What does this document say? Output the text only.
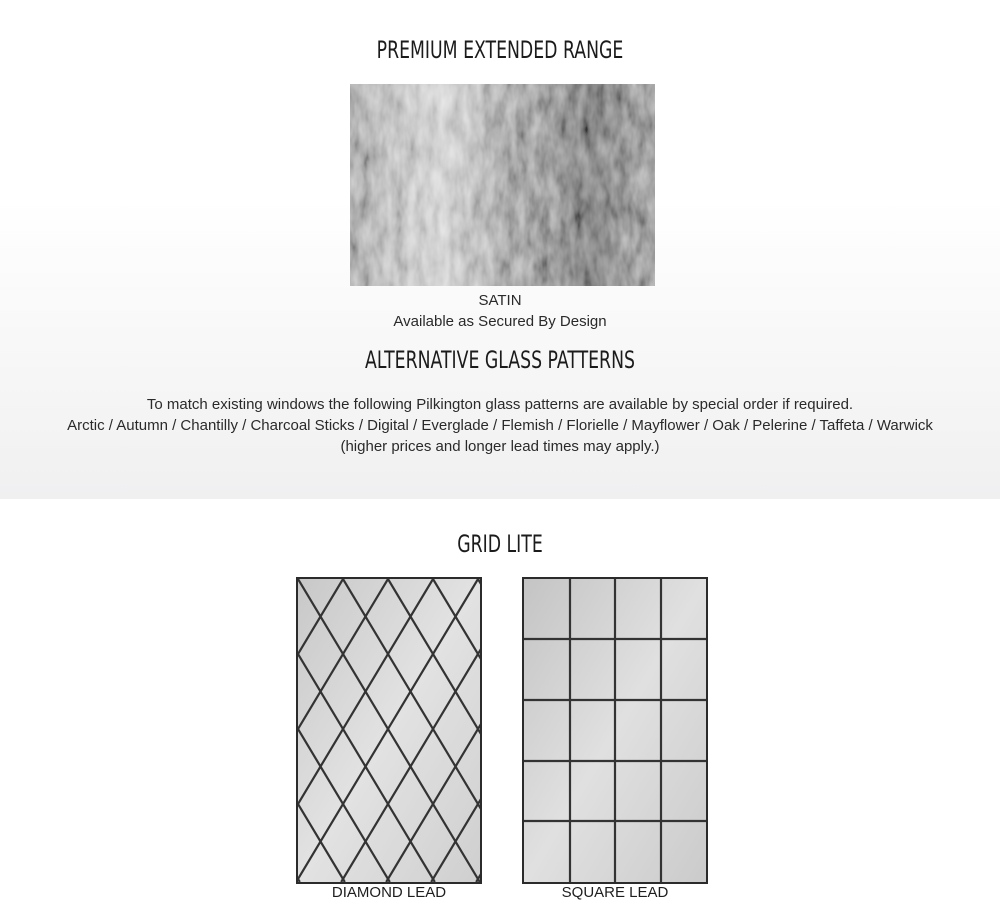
PREMIUM EXTENDED RANGE
SATIN
Available as Secured By Design
ALTERNATIVE GLASS PATTERNS
To match existing windows the following Pilkington glass patterns are available by special order if required.
Arctic / Autumn / Chantilly / Charcoal Sticks / Digital / Everglade / Flemish / Florielle / Mayflower / Oak / Pelerine / Taffeta / Warwick
(higher prices and longer lead times may apply.)
GRID LITE
DIAMOND LEAD	SQUARE LEAD
